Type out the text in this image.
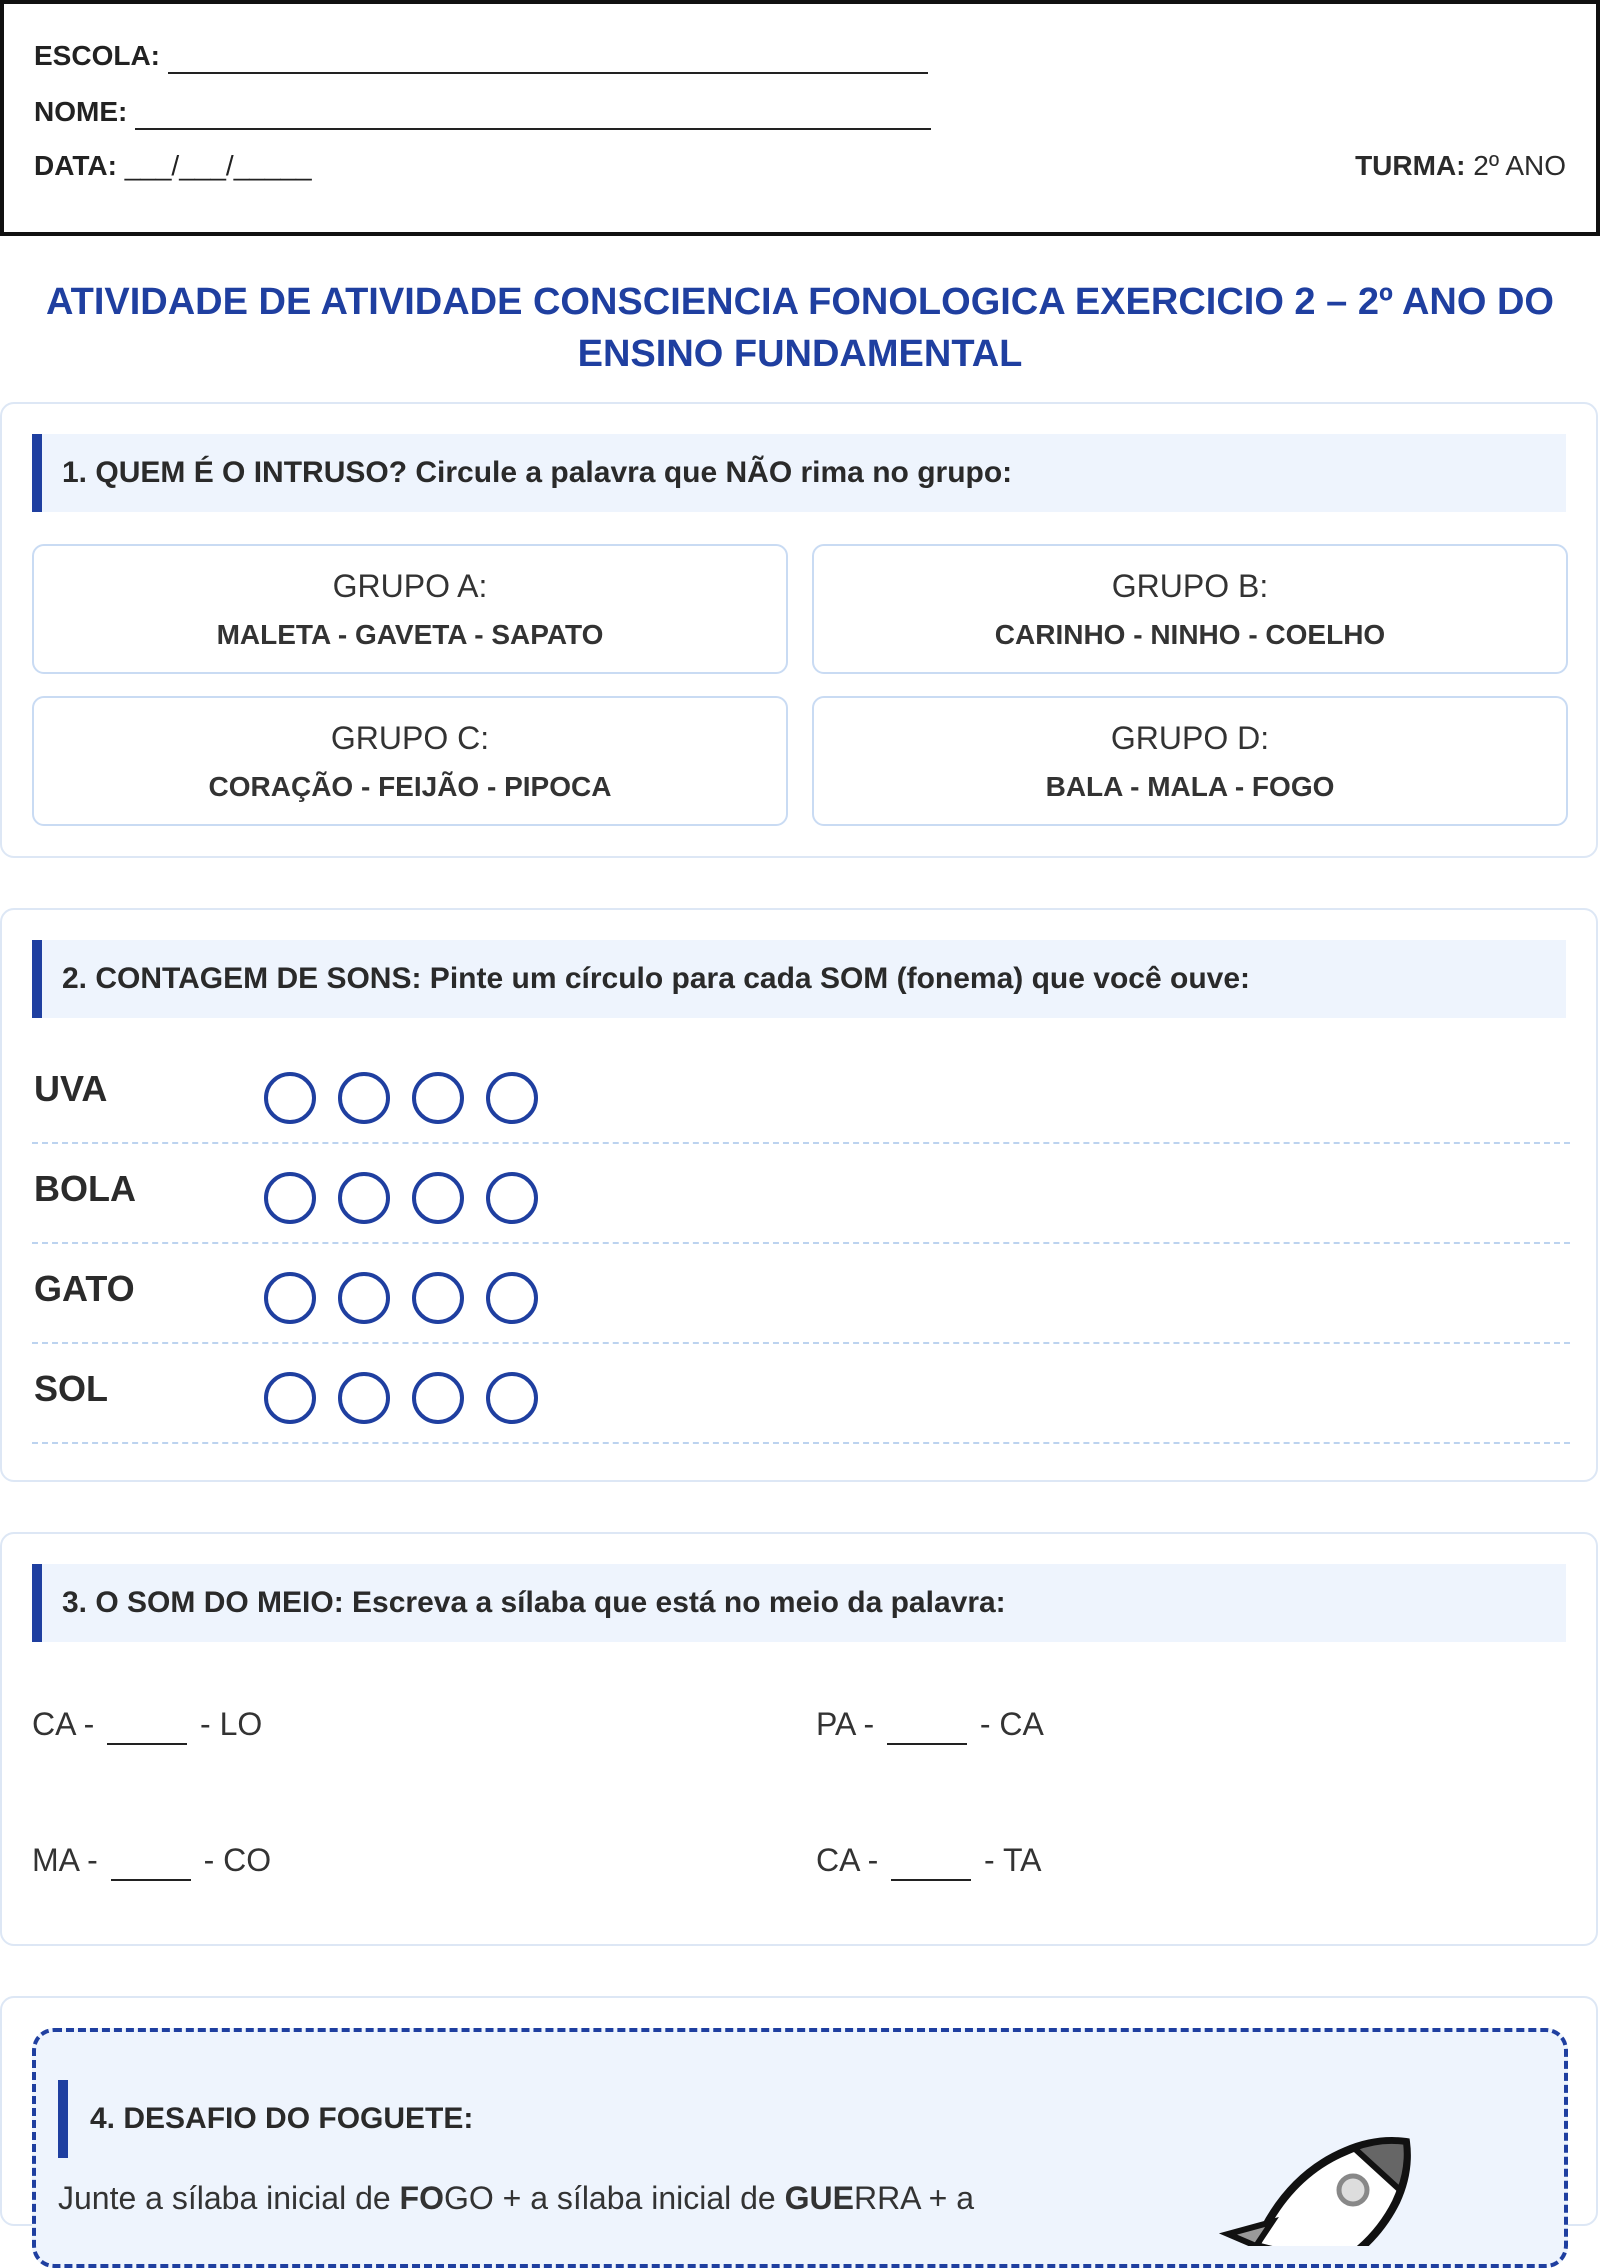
ESCOLA:
NOME:
DATA: ___/___/_____	TURMA: 2º ANO
ATIVIDADE DE ATIVIDADE CONSCIENCIA FONOLOGICA EXERCICIO 2 – 2º ANO DO
ENSINO FUNDAMENTAL
1. QUEM É O INTRUSO? Circule a palavra que NÃO rima no grupo:
GRUPO A:
MALETA - GAVETA - SAPATO
GRUPO B:
CARINHO - NINHO - COELHO
GRUPO C:
CORAÇÃO - FEIJÃO - PIPOCA
GRUPO D:
BALA - MALA - FOGO
2. CONTAGEM DE SONS: Pinte um círculo para cada SOM (fonema) que você ouve:
UVA
BOLA
GATO
SOL
3. O SOM DO MEIO: Escreva a sílaba que está no meio da palavra:
CA -	- LO	PA -	- CA
MA -	- CO	CA -	- TA
4. DESAFIO DO FOGUETE:
Junte a sílaba inicial de FOGO + a sílaba inicial de GUERRA + a
